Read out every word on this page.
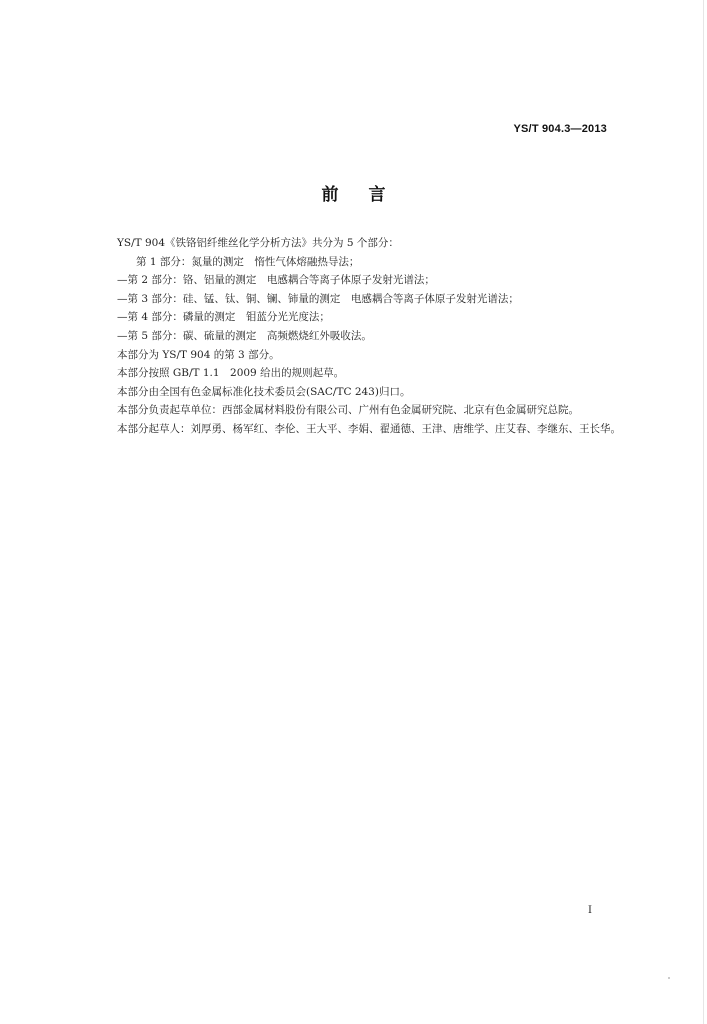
YS/T 904.3—2013
前言
YS/T 904《铁铬铝纤维丝化学分析方法》共分为 5 个部分：
第 1 部分：氮量的测定　惰性气体熔融热导法；
—第 2 部分：铬、铝量的测定　电感耦合等离子体原子发射光谱法；
—第 3 部分：硅、锰、钛、铜、镧、铈量的测定　电感耦合等离子体原子发射光谱法；
—第 4 部分：磷量的测定　钼蓝分光光度法；
—第 5 部分：碳、硫量的测定　高频燃烧红外吸收法。
本部分为 YS/T 904 的第 3 部分。
本部分按照 GB/T 1.1　2009 给出的规则起草。
本部分由全国有色金属标准化技术委员会(SAC/TC 243)归口。
本部分负责起草单位：西部金属材料股份有限公司、广州有色金属研究院、北京有色金属研究总院。
本部分起草人：刘厚勇、杨军红、李伦、王大平、李娟、翟通德、王津、唐维学、庄艾春、李继东、王长华。
I
